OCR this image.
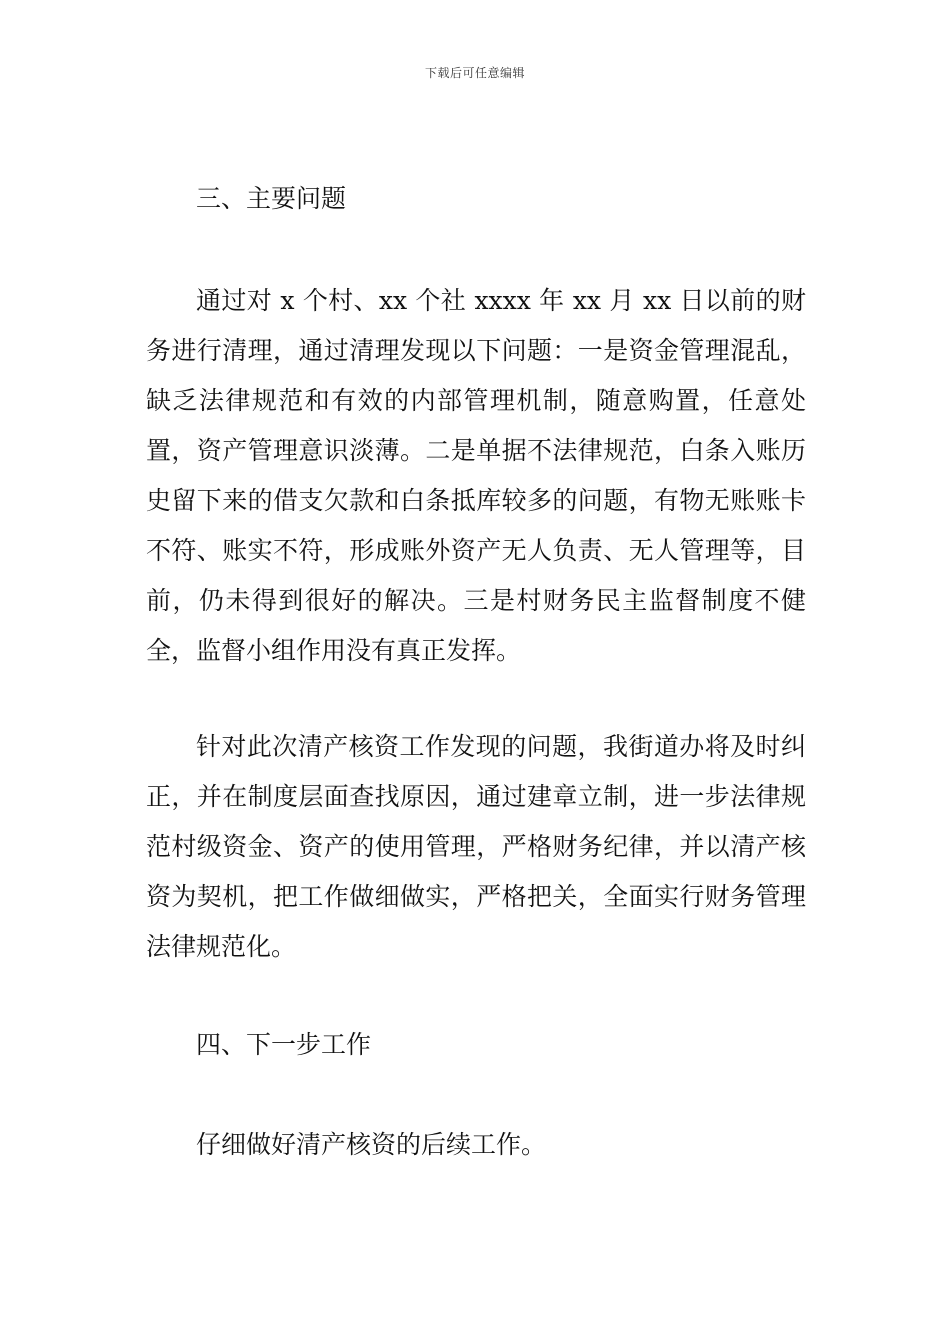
下载后可任意编辑
三、主要问题
通过对 x 个村、xx 个社 xxxx 年 xx 月 xx 日以前的财务进行清理，通过清理发现以下问题：一是资金管理混乱，缺乏法律规范和有效的内部管理机制，随意购置，任意处置，资产管理意识淡薄。二是单据不法律规范，白条入账历史留下来的借支欠款和白条抵库较多的问题，有物无账账卡不符、账实不符，形成账外资产无人负责、无人管理等，目前，仍未得到很好的解决。三是村财务民主监督制度不健全，监督小组作用没有真正发挥。
针对此次清产核资工作发现的问题，我街道办将及时纠正，并在制度层面查找原因，通过建章立制，进一步法律规范村级资金、资产的使用管理，严格财务纪律，并以清产核资为契机，把工作做细做实，严格把关，全面实行财务管理法律规范化。
四、下一步工作
仔细做好清产核资的后续工作。
